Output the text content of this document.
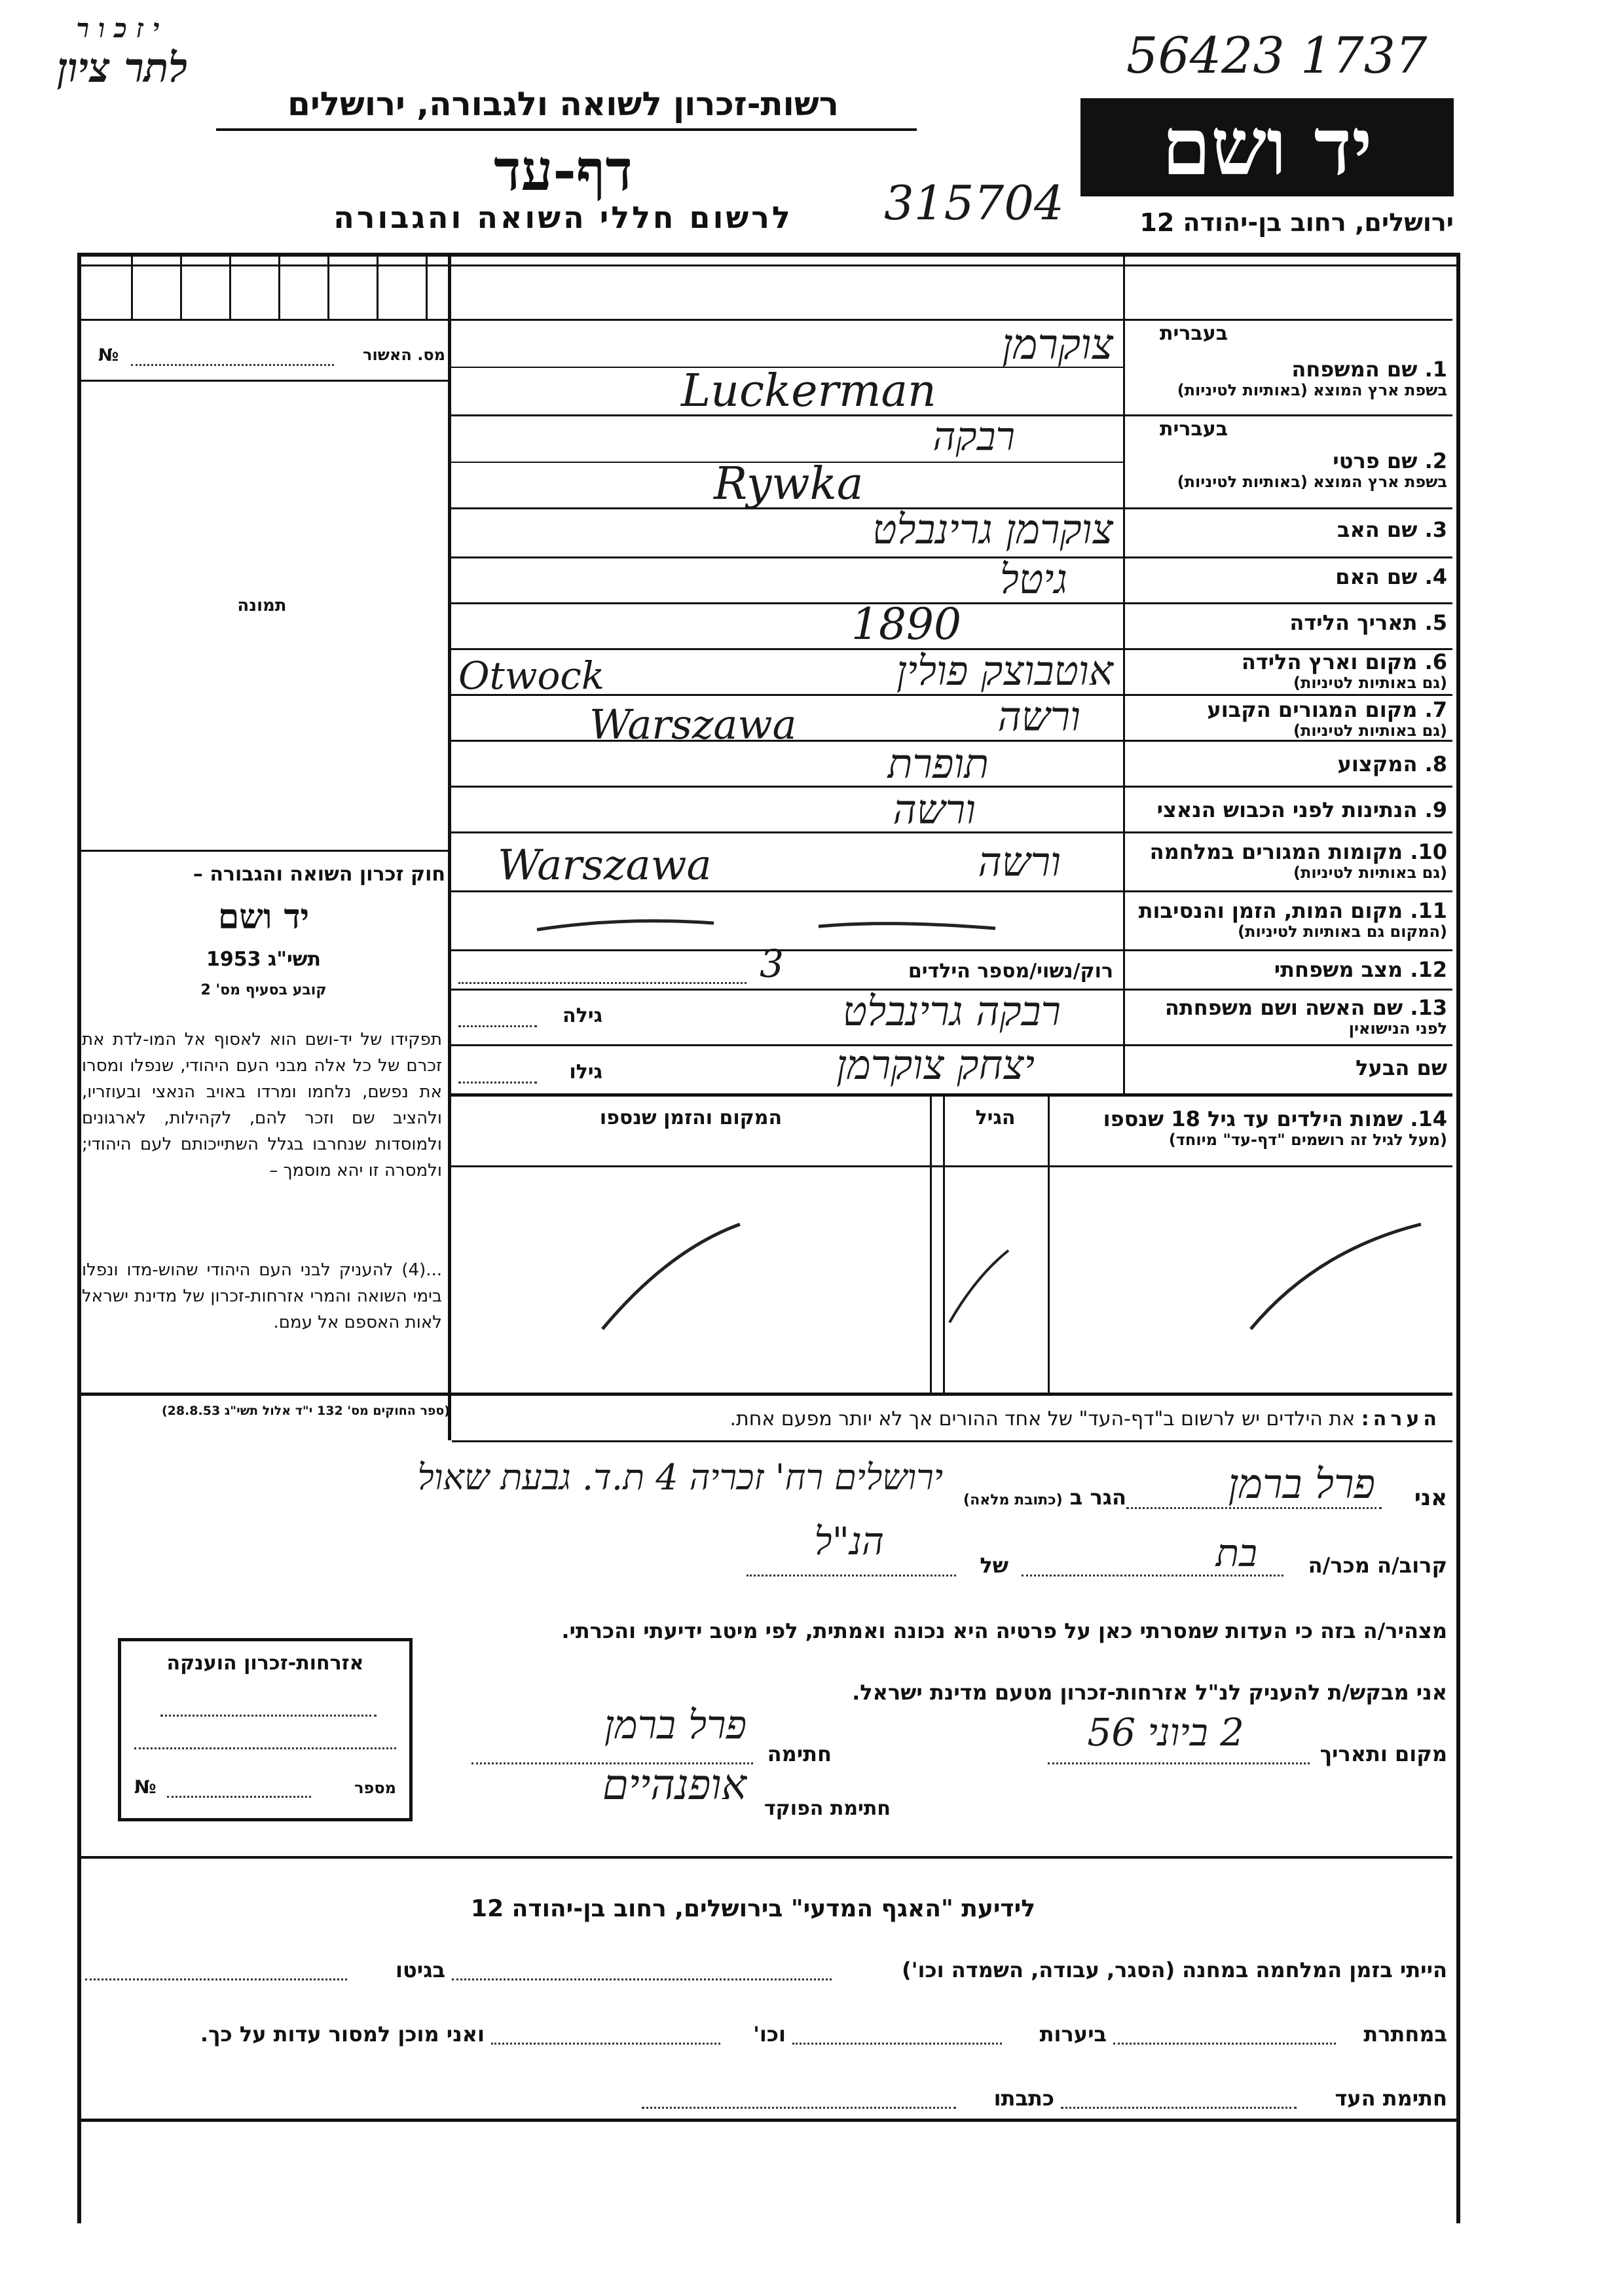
יזכור
לתר ציון
רשות-זכרון לשואה ולגבורה, ירושלים
דף-עד
לרשום חללי השואה והגבורה	315704
56423 1737
יד ושם
ירושלים, רחוב בן-יהודה 12
מס. האשור
№
תמונה
חוק זכרון השואה והגבורה –
יד ושם
תשי"ג 1953
קובע בסעיף מס' 2
תפקידו של יד-ושם הוא לאסוף אל המו-לדת את זכרם של כל אלה מבני העם היהודי, שנפלו ומסרו את נפשם, נלחמו ומרדו באויב הנאצי ובעוזריו, ולהציב שם וזכר להם, לקהילות, לארגונים ולמוסדות שנחרבו בגלל השתייכותם לעם היהודי; ולמסרה זו יהא מוסמך –
...(4) להעניק לבני העם היהודי שהוש-מדו ונפלו בימי השואה והמרי אזרחות-זכרון של מדינת ישראל לאות האספם אל עמם.
(ספר החוקים מס' 132 י"ד אלול תשי"ג 28.8.53)
בעברית
1. שם המשפחה
בשפת ארץ המוצא (באותיות לטיניות)
צוקרמן
Luckerman
בעברית
2. שם פרטי
בשפת ארץ המוצא (באותיות לטיניות)
רבקה
Rywka
3. שם האב
צוקרמן גרינבלט
4. שם האם
גיטל
5. תאריך הלידה
1890
6. מקום וארץ הלידה
(גם באותיות לטיניות)
אוטבוצק פולין
Otwock
7. מקום המגורים הקבוע
(גם באותיות לטיניות)
ורשה
Warszawa
8. המקצוע
תופרת
9. הנתינות לפני הכבוש הנאצי
ורשה
10. מקומות המגורים במלחמה
(גם באותיות לטיניות)
ורשה
Warszawa
11. מקום המות, הזמן והנסיבות
(המקום גם באותיות לטיניות)
12. מצב משפחתי
רוק/נשוי/מספר הילדים
3
13. שם האשה ושם משפחתה
לפני הנישואין
גילה	רבקה גרינבלט
שם הבעל
גילו	יצחק צוקרמן
14. שמות הילדים עד גיל 18 שנספו
(מעל לגיל זה רושמים "דף-עד" מיוחד)
הגיל
המקום והזמן שנספו
הערה: את הילדים יש לרשום ב"דף-העד" של אחד ההורים אך לא יותר מפעם אחת.
אני
פרל ברמן
הגר ב (כתובת מלאה)
ירושלים רח' זכריה 4 ת.ד. גבעת שאול
קרוב/ה מכר/ה
בת
של
הנ"ל
מצהיר/ה בזה כי העדות שמסרתי כאן על פרטיה היא נכונה ואמתית, לפי מיטב ידיעתי והכרתי.
אני מבקש/ת להעניק לנ"ל אזרחות-זכרון מטעם מדינת ישראל.
מקום ותאריך
2 ביוני 56
חתימה
פרל ברמן
חתימת הפוקד
אופנהיים
אזרחות-זכרון הוענקה
מספר
№
לידיעת "האגף המדעי" בירושלים, רחוב בן-יהודה 12
הייתי בזמן המלחמה במחנה (הסגר, עבודה, השמדה וכו')
בגיטו
במחתרת
ביערות
וכו'
ואני מוכן למסור עדות על כך.
חתימת העד
כתבתו
